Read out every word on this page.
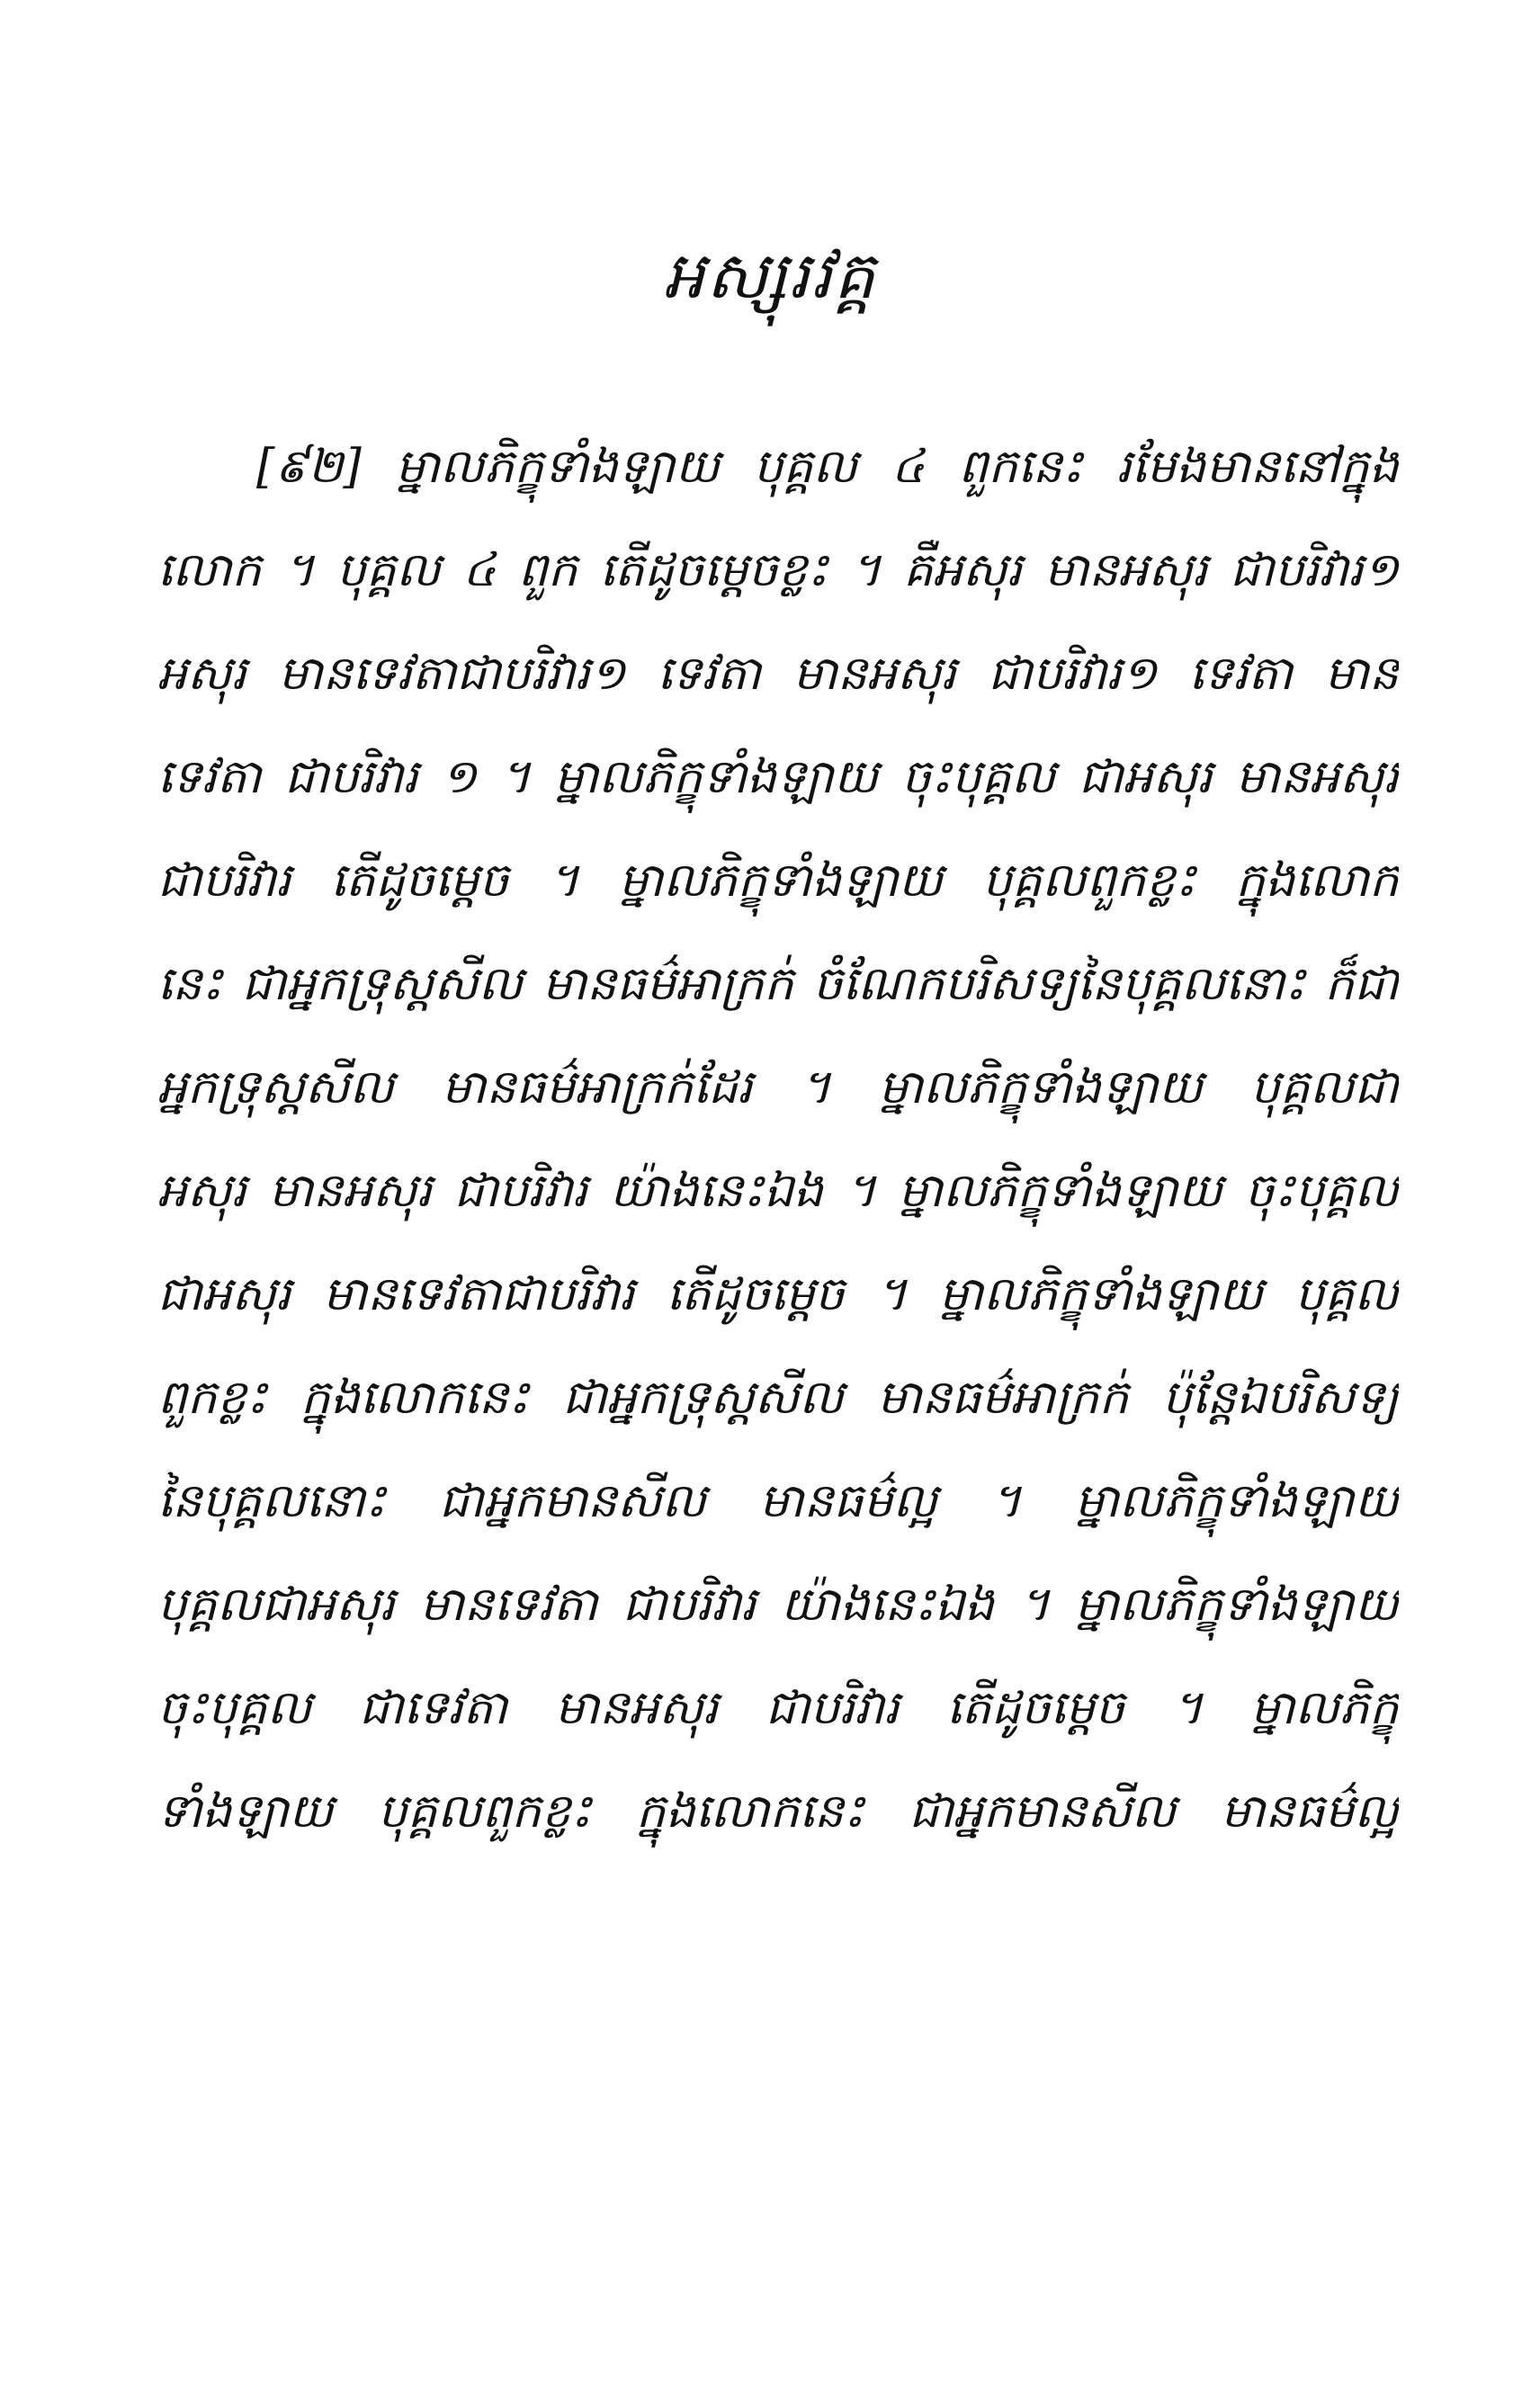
អស្សុរវគ្គ
[៩២] ម្នាលភិក្ខុទាំងឡាយ បុគ្គល ៤ ពួកនេះ រមែងមាននៅក្នុង
លោក ។ បុគ្គល ៤ ពួក តើដូចម្តេចខ្លះ ។ គឺអសុរ មានអសុរ ជាបរិវារ១
អសុរ មានទេវតាជាបរិវារ១ ទេវតា មានអសុរ ជាបរិវារ១ ទេវតា មាន
ទេវតា ជាបរិវារ ១ ។ ម្នាលភិក្ខុទាំងឡាយ ចុះបុគ្គល ជាអសុរ មានអសុរ
ជាបរិវារ តើដូចម្តេច ។ ម្នាលភិក្ខុទាំងឡាយ បុគ្គលពួកខ្លះ ក្នុងលោក
នេះ ជាអ្នកទ្រុស្តសីល មានធម៌អាក្រក់ ចំណែកបរិសទ្យនៃបុគ្គលនោះ ក៏ជា
អ្នកទ្រុស្តសីល មានធម៌អាក្រក់ដែរ ។ ម្នាលភិក្ខុទាំងឡាយ បុគ្គលជា
អសុរ មានអសុរ ជាបរិវារ យ៉ាងនេះឯង ។ ម្នាលភិក្ខុទាំងឡាយ ចុះបុគ្គល
ជាអសុរ មានទេវតាជាបរិវារ តើដូចម្តេច ។ ម្នាលភិក្ខុទាំងឡាយ បុគ្គល
ពួកខ្លះ ក្នុងលោកនេះ ជាអ្នកទ្រុស្តសីល មានធម៌អាក្រក់ ប៉ុន្តែឯបរិសទ្យ
នៃបុគ្គលនោះ ជាអ្នកមានសីល មានធម៌ល្អ ។ ម្នាលភិក្ខុទាំងឡាយ
បុគ្គលជាអសុរ មានទេវតា ជាបរិវារ យ៉ាងនេះឯង ។ ម្នាលភិក្ខុទាំងឡាយ
ចុះបុគ្គល ជាទេវតា មានអសុរ ជាបរិវារ តើដូចម្តេច ។ ម្នាលភិក្ខុ
ទាំងឡាយ បុគ្គលពួកខ្លះ ក្នុងលោកនេះ ជាអ្នកមានសីល មានធម៌ល្អ
